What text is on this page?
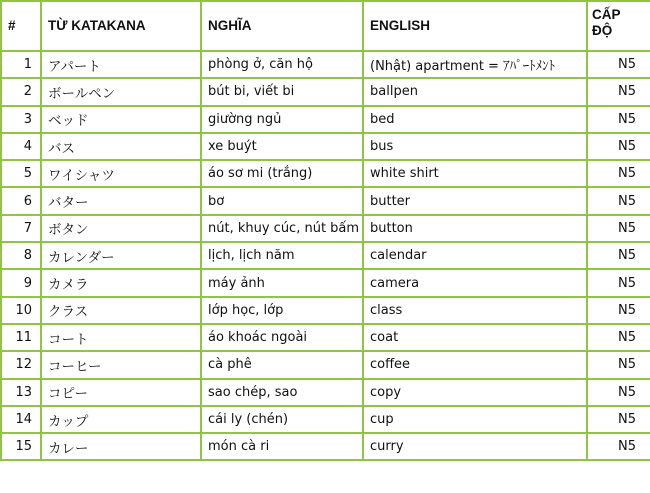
#	TỪ KATAKANA	NGHĨA	ENGLISH	CẤP
ĐỘ
1	アパート	phòng ở, căn hộ	(Nhật) apartment = ｱﾊﾟｰﾄﾒﾝﾄ	N5
2	ボールペン	bút bi, viết bi	ballpen	N5
3	ベッド	giường ngủ	bed	N5
4	バス	xe buýt	bus	N5
5	ワイシャツ	áo sơ mi (trắng)	white shirt	N5
6	バター	bơ	butter	N5
7	ボタン	nút, khuy cúc, nút bấm	button	N5
8	カレンダー	lịch, lịch năm	calendar	N5
9	カメラ	máy ảnh	camera	N5
10	クラス	lớp học, lớp	class	N5
11	コート	áo khoác ngoài	coat	N5
12	コーヒー	cà phê	coffee	N5
13	コピー	sao chép, sao	copy	N5
14	カップ	cái ly (chén)	cup	N5
15	カレー	món cà ri	curry	N5
